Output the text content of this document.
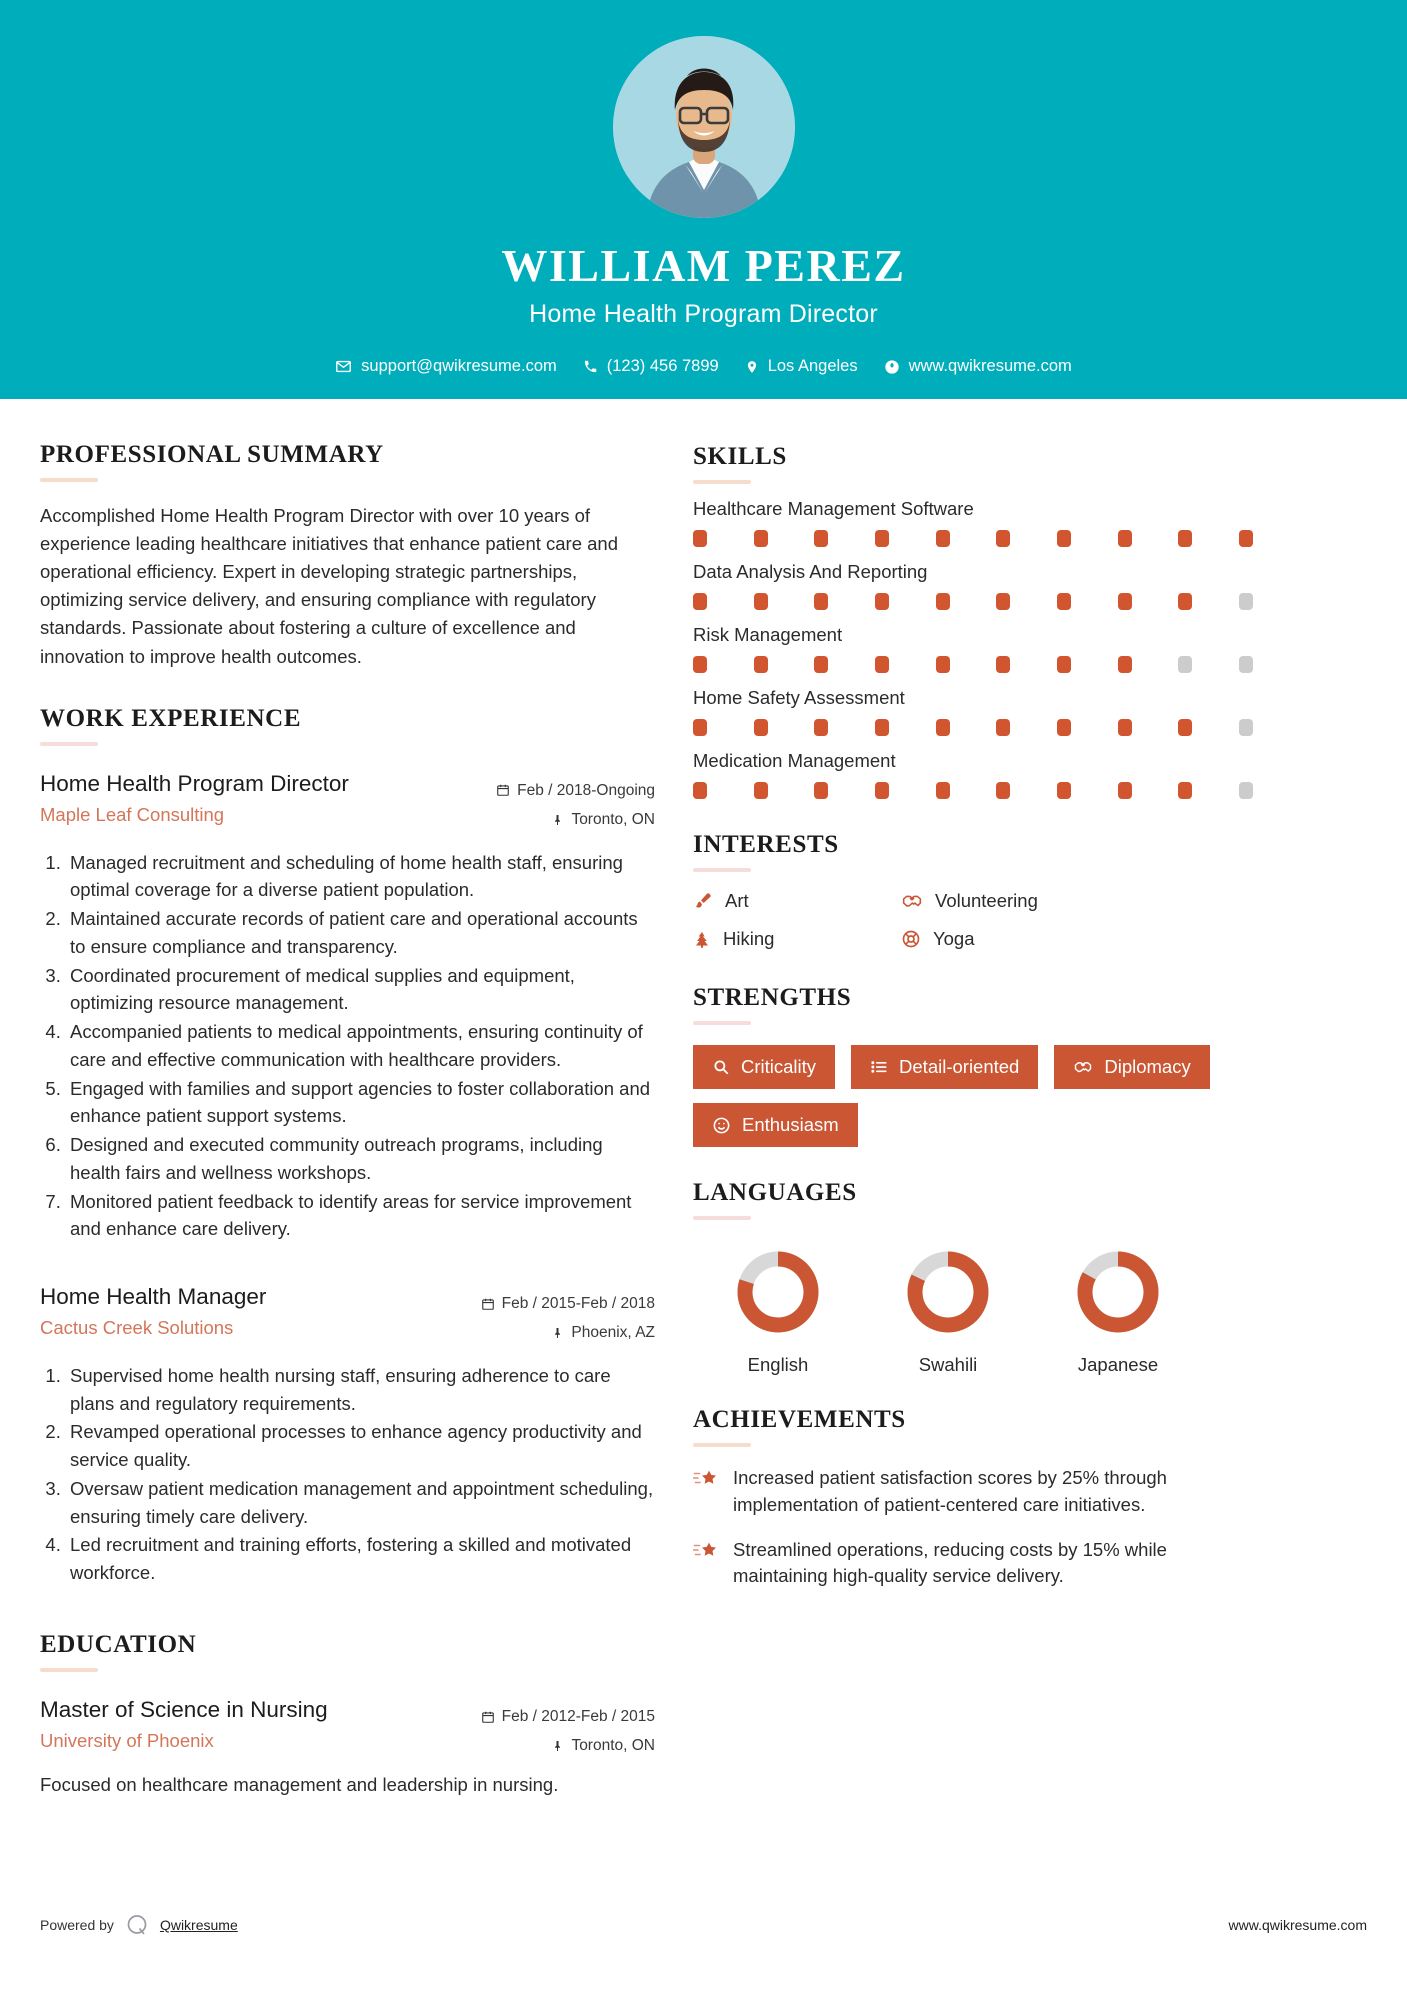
WILLIAM PEREZ
Home Health Program Director
support@qwikresume.com	(123) 456 7899	Los Angeles	www.qwikresume.com
PROFESSIONAL SUMMARY
Accomplished Home Health Program Director with over 10 years of experience leading healthcare initiatives that enhance patient care and operational efficiency. Expert in developing strategic partnerships, optimizing service delivery, and ensuring compliance with regulatory standards. Passionate about fostering a culture of excellence and innovation to improve health outcomes.
WORK EXPERIENCE
Home Health Program Director
Maple Leaf Consulting
Feb / 2018-Ongoing
Toronto, ON
1. Managed recruitment and scheduling of home health staff, ensuring optimal coverage for a diverse patient population.
2. Maintained accurate records of patient care and operational accounts to ensure compliance and transparency.
3. Coordinated procurement of medical supplies and equipment, optimizing resource management.
4. Accompanied patients to medical appointments, ensuring continuity of care and effective communication with healthcare providers.
5. Engaged with families and support agencies to foster collaboration and enhance patient support systems.
6. Designed and executed community outreach programs, including health fairs and wellness workshops.
7. Monitored patient feedback to identify areas for service improvement and enhance care delivery.
Home Health Manager
Cactus Creek Solutions
Feb / 2015-Feb / 2018
Phoenix, AZ
1. Supervised home health nursing staff, ensuring adherence to care plans and regulatory requirements.
2. Revamped operational processes to enhance agency productivity and service quality.
3. Oversaw patient medication management and appointment scheduling, ensuring timely care delivery.
4. Led recruitment and training efforts, fostering a skilled and motivated workforce.
EDUCATION
Master of Science in Nursing
University of Phoenix
Feb / 2012-Feb / 2015
Toronto, ON
Focused on healthcare management and leadership in nursing.
SKILLS
Healthcare Management Software
Data Analysis And Reporting
Risk Management
Home Safety Assessment
Medication Management
INTERESTS
Art	Volunteering
Hiking	Yoga
STRENGTHS
Criticality	Detail-oriented	Diplomacy
Enthusiasm
LANGUAGES
English	Swahili	Japanese
ACHIEVEMENTS
Increased patient satisfaction scores by 25% through implementation of patient-centered care initiatives.
Streamlined operations, reducing costs by 15% while maintaining high-quality service delivery.
Powered by	Qwikresume	www.qwikresume.com
